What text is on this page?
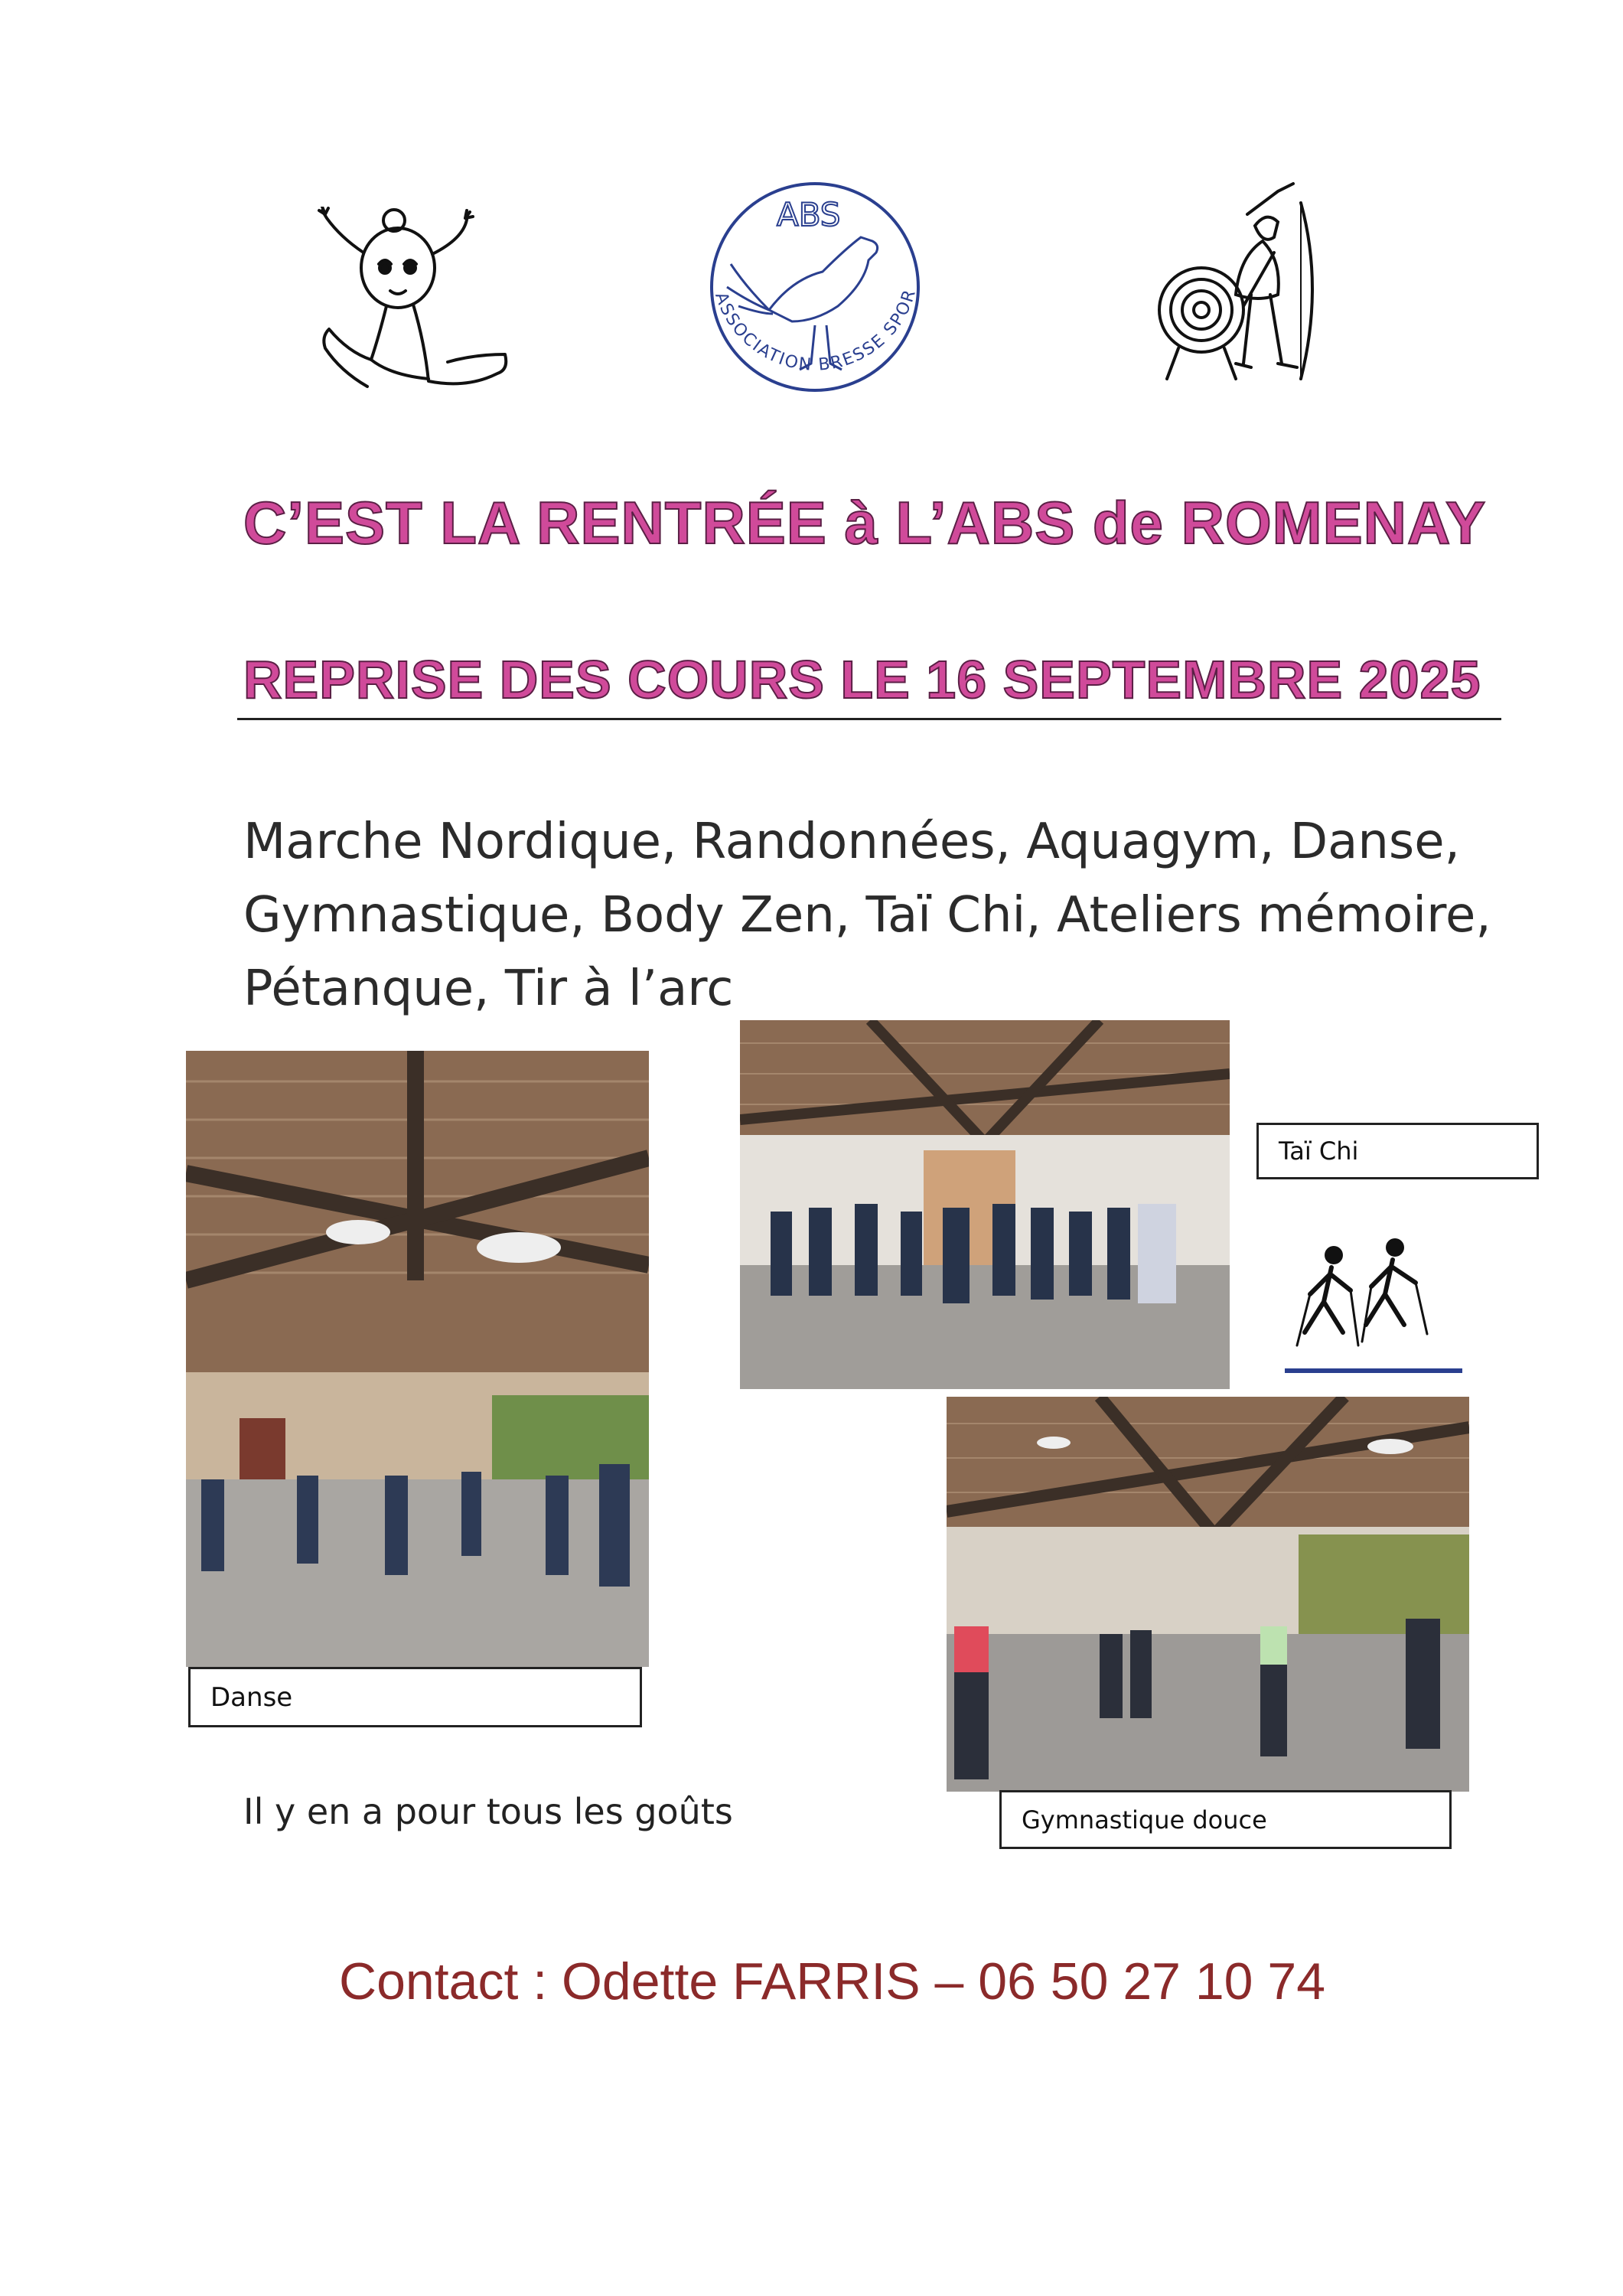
ABS
ASSOCIATION BRESSE SPOR
C’EST LA RENTRÉE à L’ABS de ROMENAY
REPRISE DES COURS LE 16 SEPTEMBRE 2025
Marche Nordique, Randonnées, Aquagym, Danse,
Gymnastique, Body Zen, Taï Chi, Ateliers mémoire,
Pétanque, Tir à l’arc
Danse
Taï Chi
Gymnastique douce
Il y en a pour tous les goûts
Contact : Odette FARRIS – 06 50 27 10 74
